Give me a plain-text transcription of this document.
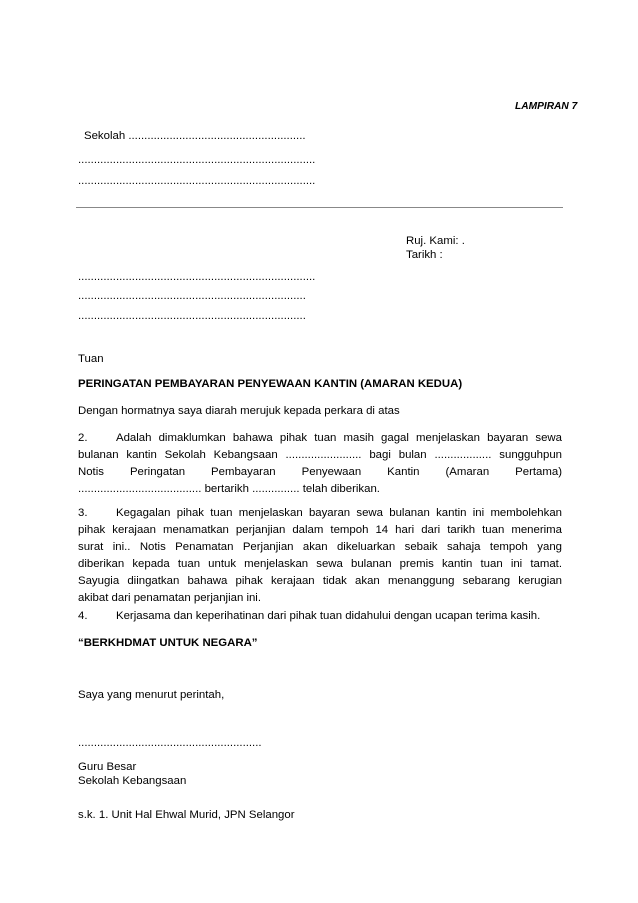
LAMPIRAN 7
Sekolah ........................................................
...........................................................................
...........................................................................
Ruj. Kami: .
Tarikh :
...........................................................................
........................................................................
........................................................................
Tuan
PERINGATAN PEMBAYARAN PENYEWAAN KANTIN (AMARAN KEDUA)
Dengan hormatnya saya diarah merujuk kepada perkara di atas
2.	Adalah dimaklumkan bahawa pihak tuan masih gagal menjelaskan bayaran sewa
bulanan kantin Sekolah Kebangsaan ........................ bagi bulan .................. sungguhpun
Notis Peringatan Pembayaran Penyewaan Kantin (Amaran Pertama)
....................................... bertarikh ............... telah diberikan.
3.	Kegagalan pihak tuan menjelaskan bayaran sewa bulanan kantin ini membolehkan
pihak kerajaan menamatkan perjanjian dalam tempoh 14 hari dari tarikh tuan menerima
surat ini.. Notis Penamatan Perjanjian akan dikeluarkan sebaik sahaja tempoh yang
diberikan kepada tuan untuk menjelaskan sewa bulanan premis kantin tuan ini tamat.
Sayugia diingatkan bahawa pihak kerajaan tidak akan menanggung sebarang kerugian
akibat dari penamatan perjanjian ini.
4.	Kerjasama dan keperihatinan dari pihak tuan didahului dengan ucapan terima kasih.
“BERKHDMAT UNTUK NEGARA”
Saya yang menurut perintah,
..........................................................
Guru Besar
Sekolah Kebangsaan
s.k. 1. Unit Hal Ehwal Murid, JPN Selangor
